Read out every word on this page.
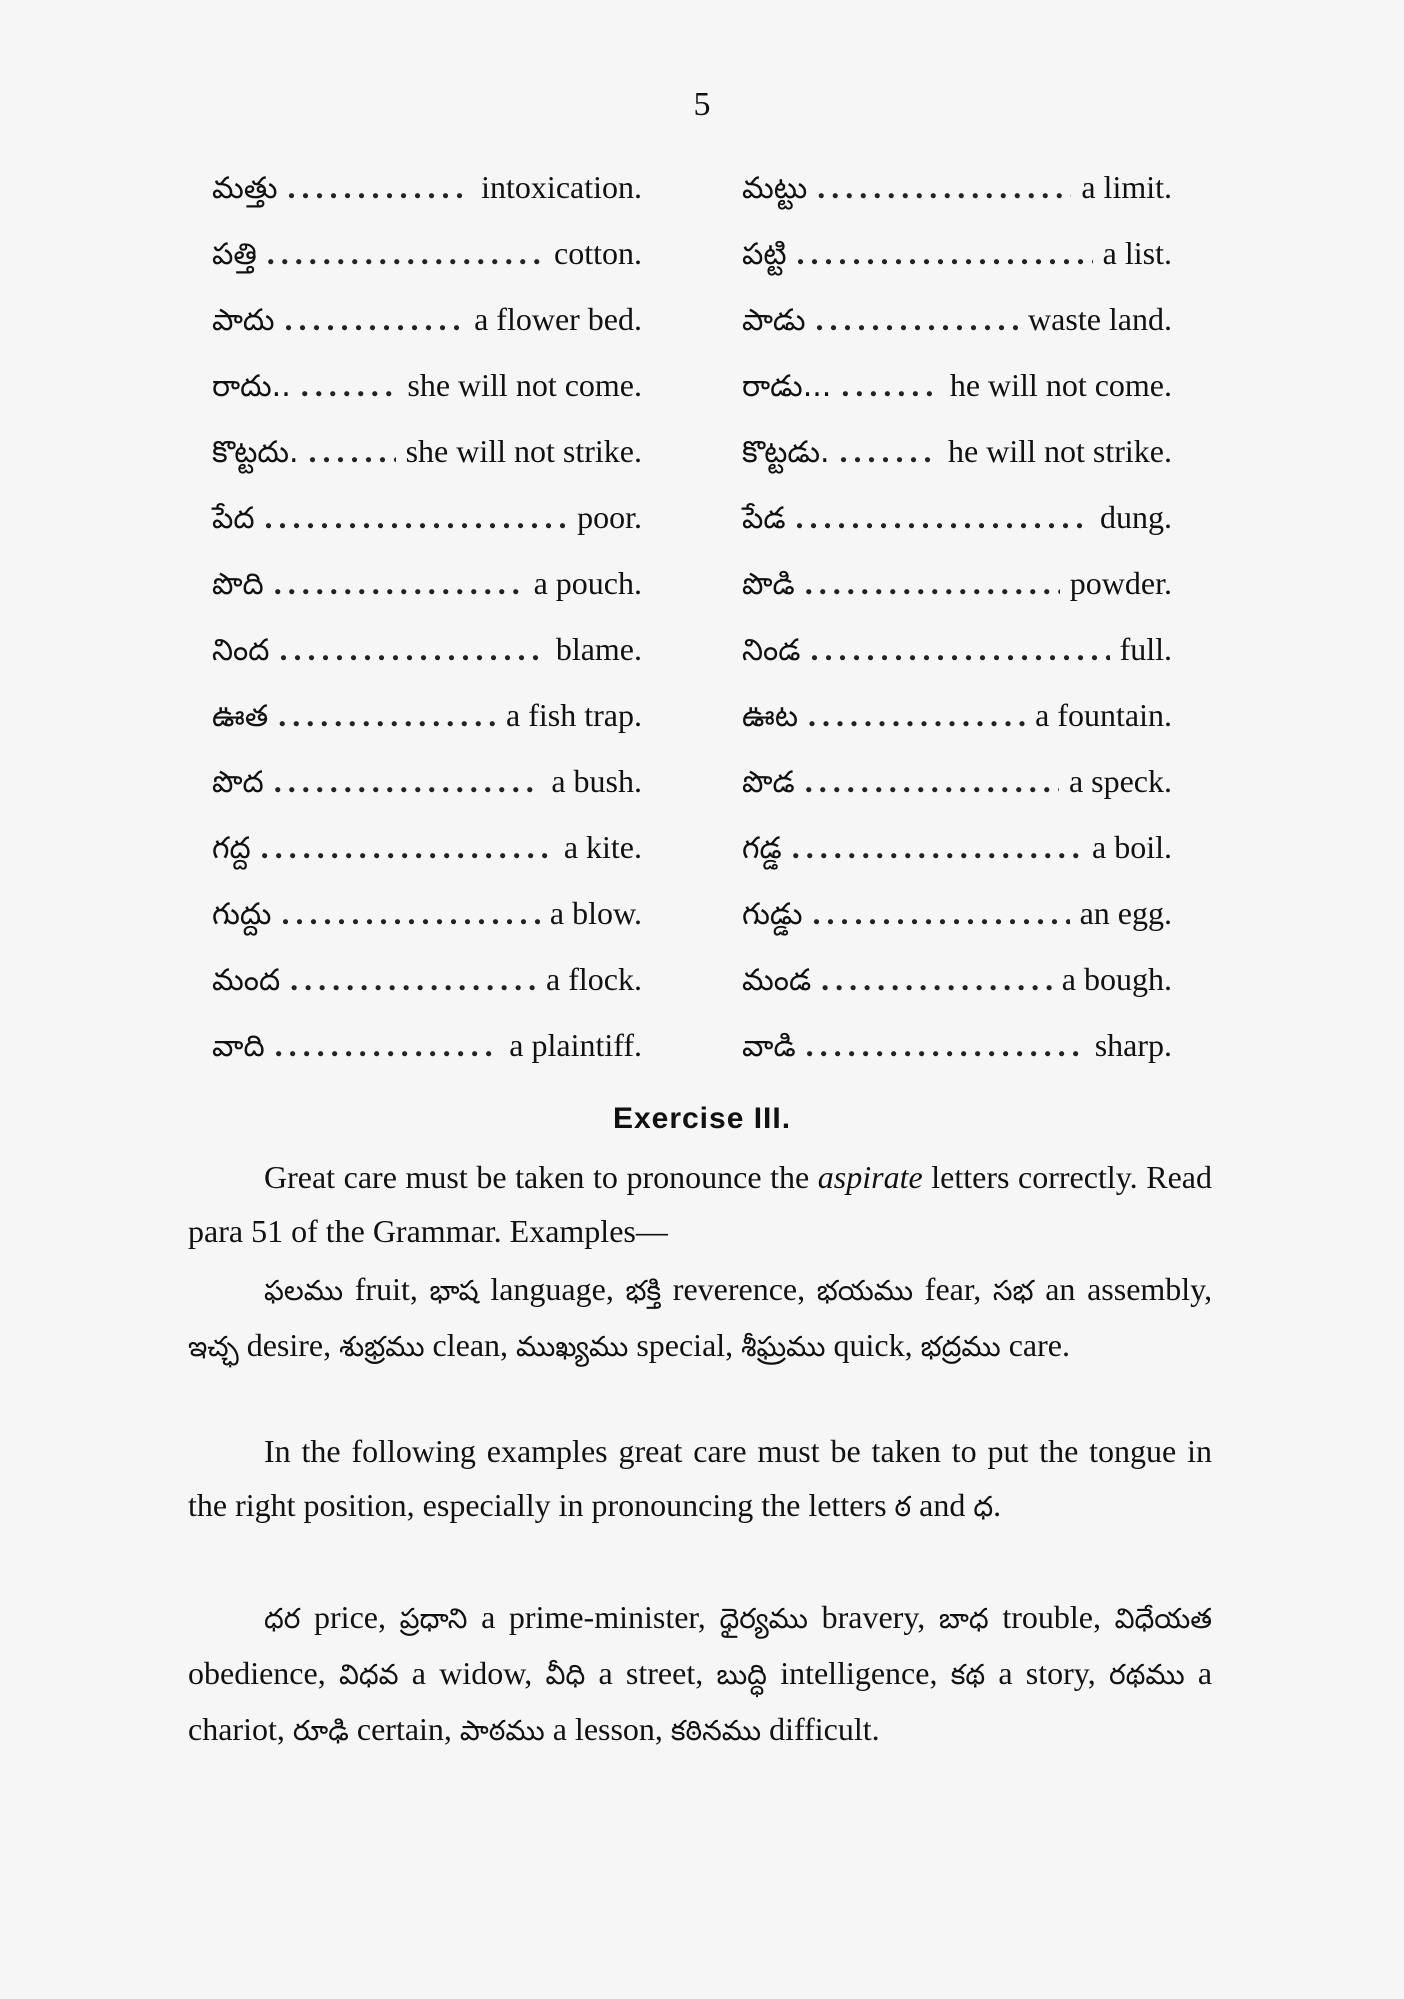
5
మత్తు .....	intoxication.	మట్టు .....	a limit.
పత్తి .....	cotton.	పట్టి .....	a list.
పాదు .....	a flower bed.	పాడు .....	waste land.
రాదు.. .....	she will not come.	రాడు... .....	he will not come.
కొట్టదు. .....	she will not strike.	కొట్టడు. .....	he will not strike.
పేద .....	poor.	పేడ .....	dung.
పొది .....	a pouch.	పొడి .....	powder.
నింద .....	blame.	నిండ .....	full.
ఊత .....	a fish trap.	ఊట .....	a fountain.
పొద .....	a bush.	పొడ .....	a speck.
గద్ద .....	a kite.	గడ్డ .....	a boil.
గుద్దు .....	a blow.	గుడ్డు .....	an egg.
మంద .....	a flock.	మండ .....	a bough.
వాది .....	a plaintiff.	వాడి .....	sharp.
Exercise III.

Great care must be taken to pronounce the aspirate letters correctly. Read para 51 of the Grammar. Examples—

ఫలము fruit, భాష language, భక్తి reverence, భయము fear, సభ an assembly, ఇచ్ఛ desire, శుభ్రము clean, ముఖ్యము special, శీఘ్రము quick, భద్రము care.

In the following examples great care must be taken to put the tongue in the right position, especially in pronouncing the letters ఠ and ధ.

ధర price, ప్రధాని a prime-minister, ధైర్యము bravery, బాధ trouble, విధేయత obedience, విధవ a widow, వీధి a street, బుద్ధి intelligence, కథ a story, రథము a chariot, రూఢి certain, పాఠము a lesson, కఠినము difficult.
